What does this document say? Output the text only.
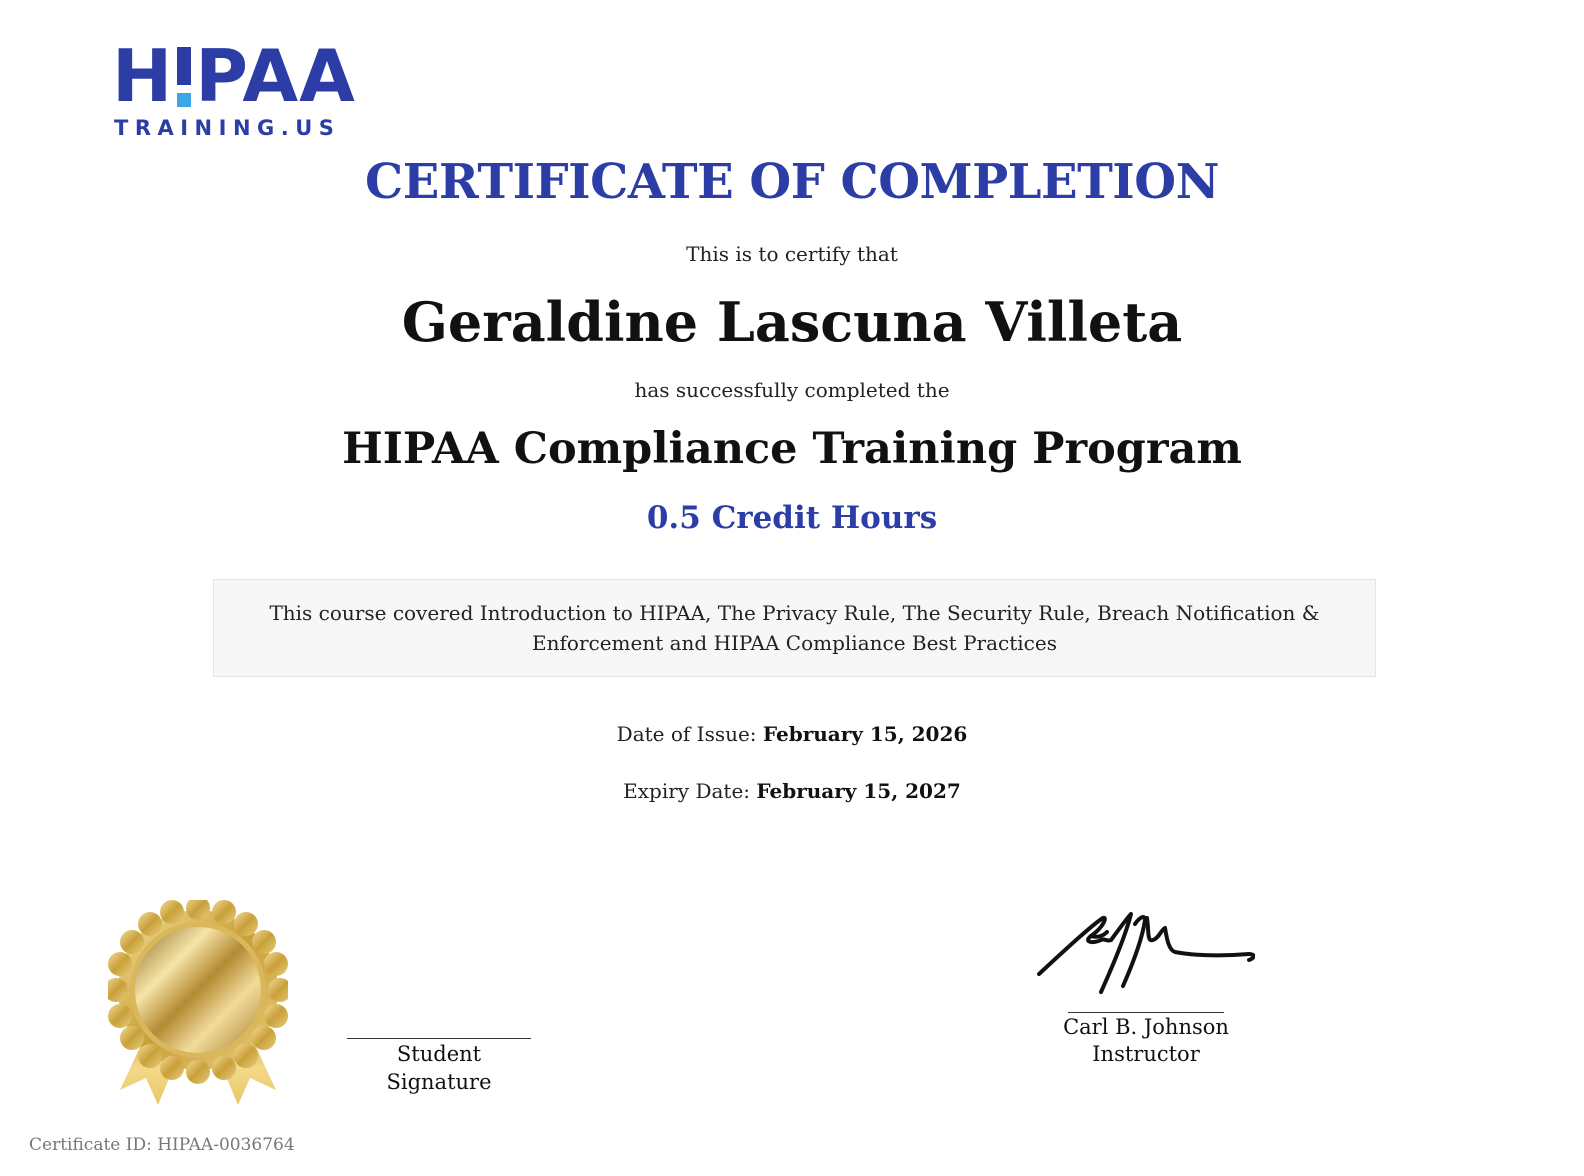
H PAA
TRAINING.US
CERTIFICATE OF COMPLETION
This is to certify that
Geraldine Lascuna Villeta
has successfully completed the
HIPAA Compliance Training Program
0.5 Credit Hours
This course covered Introduction to HIPAA, The Privacy Rule, The Security Rule, Breach Notification & Enforcement and HIPAA Compliance Best Practices
Date of Issue: February 15, 2026
Expiry Date: February 15, 2027
Student Signature
Carl B. Johnson
Instructor
Certificate ID: HIPAA-0036764
